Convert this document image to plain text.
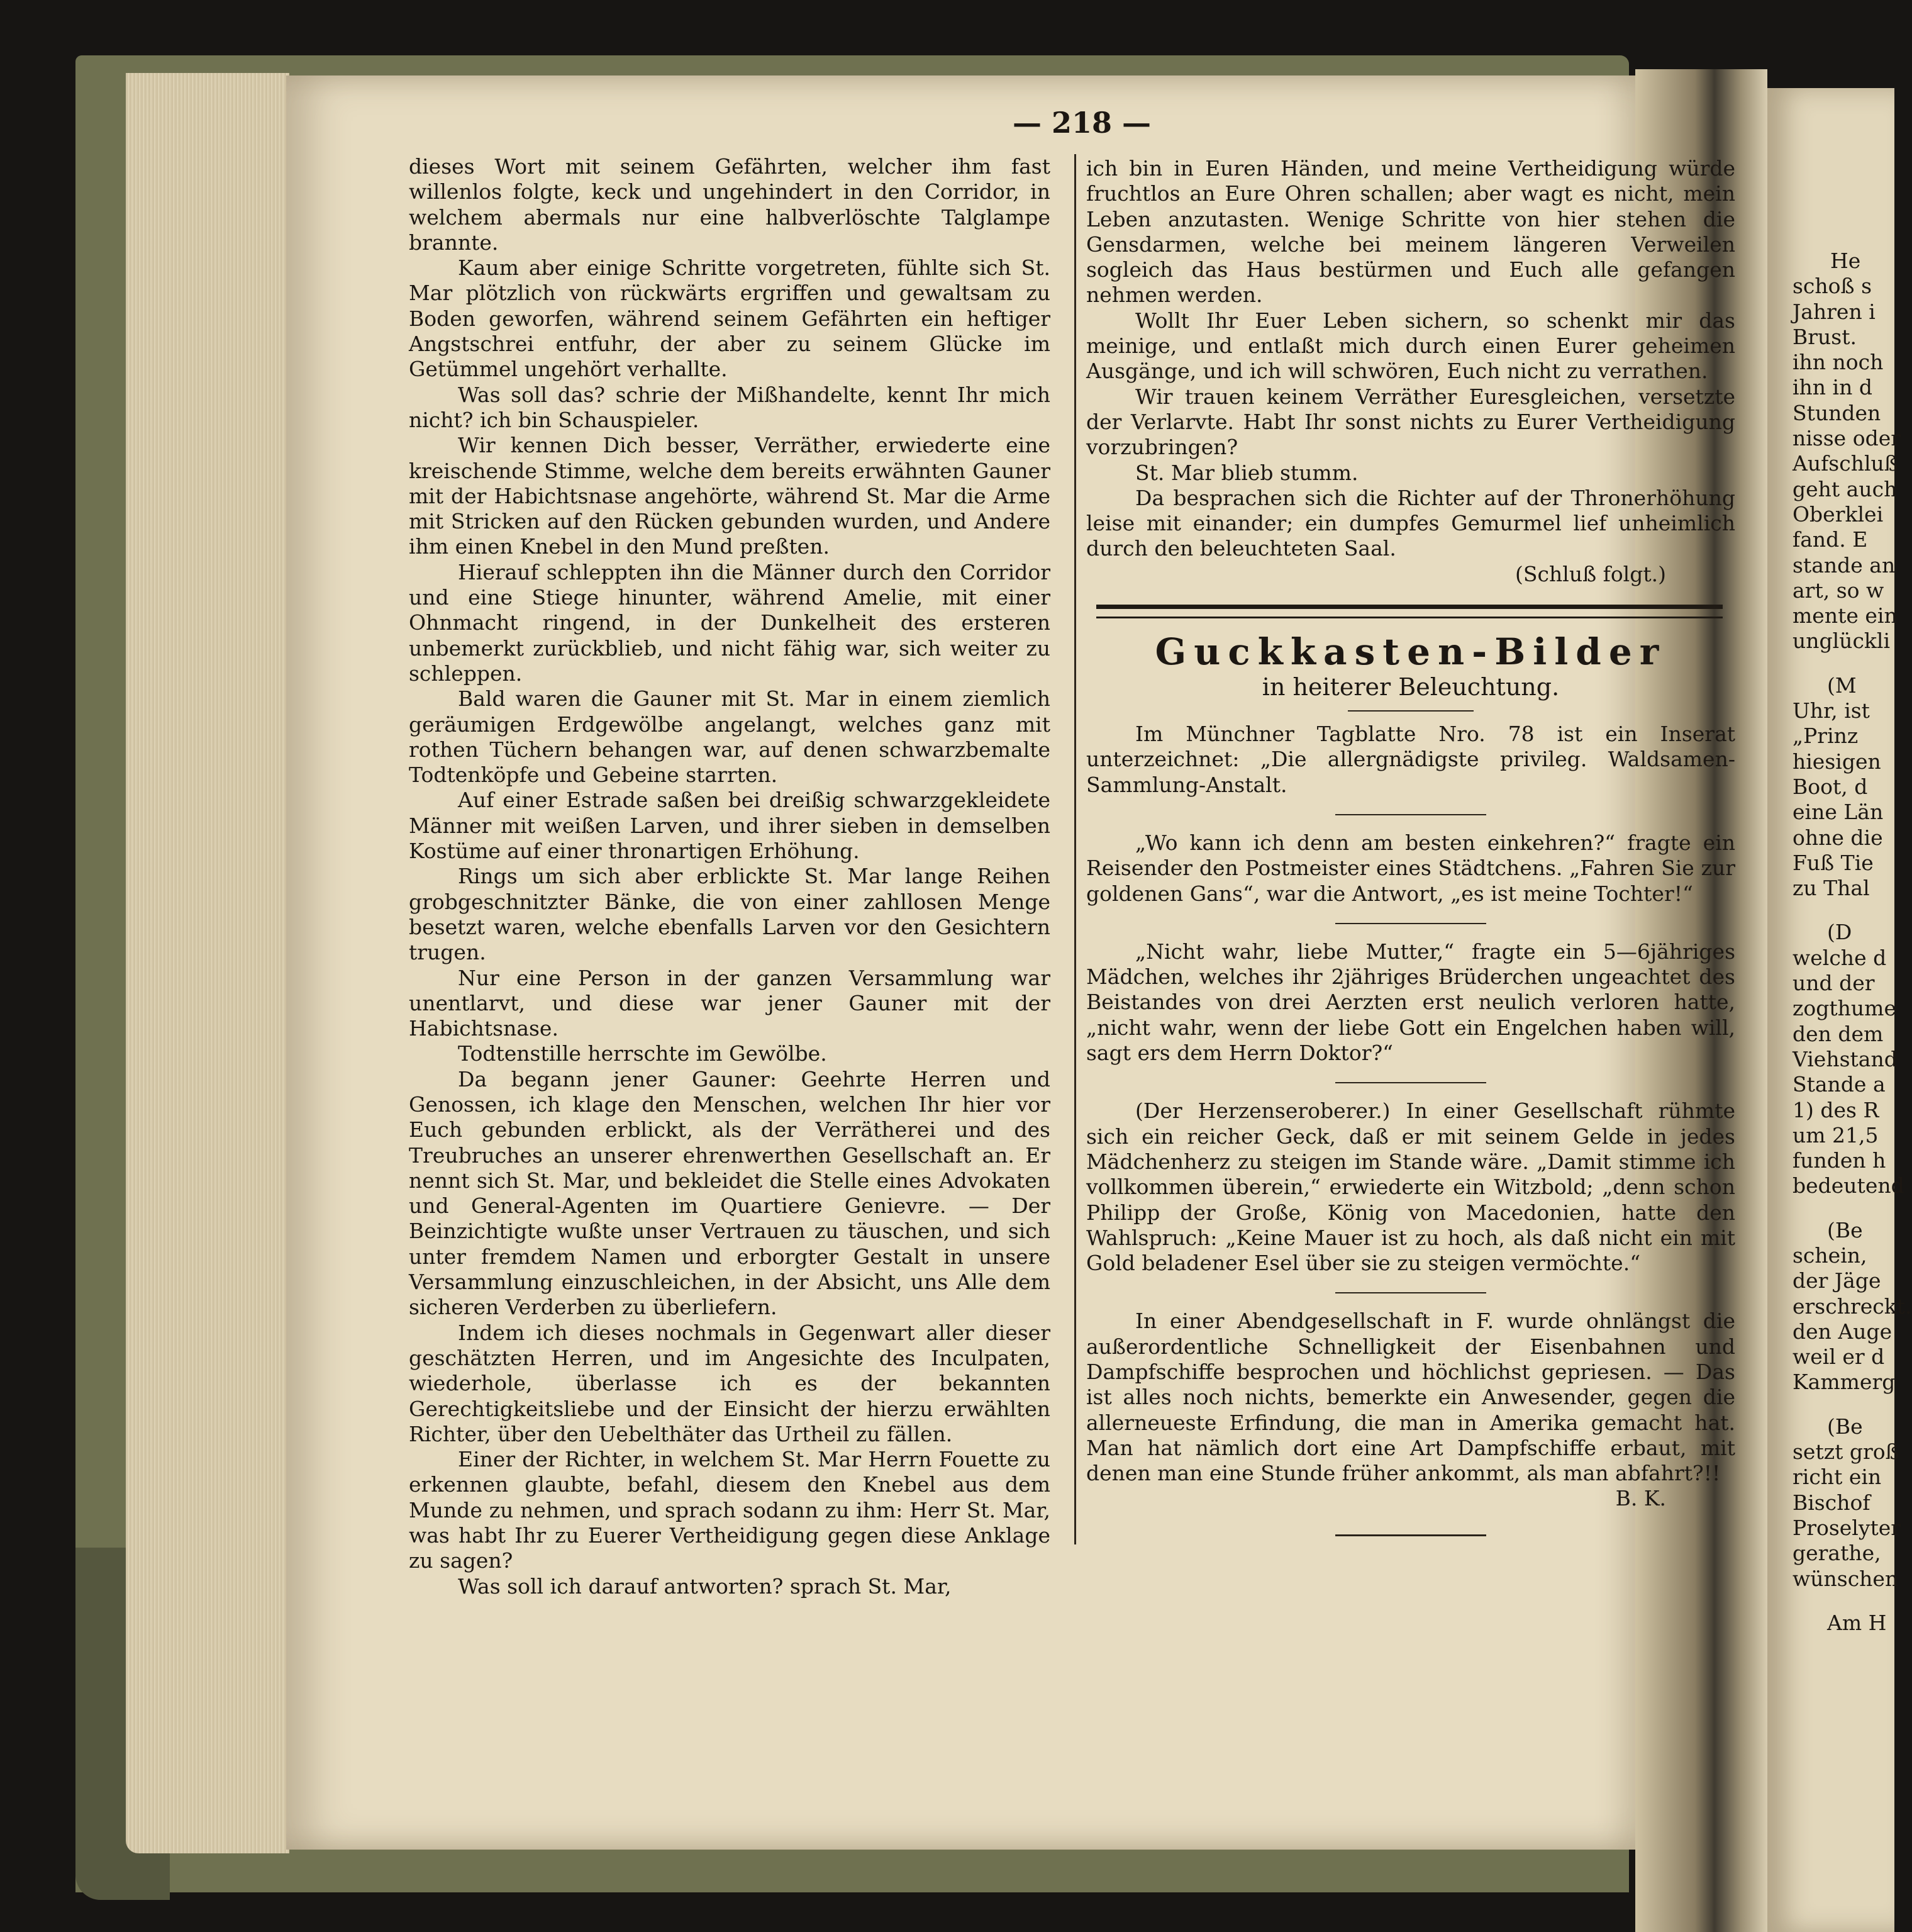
— 218 —

dieses Wort mit seinem Gefährten, welcher ihm fast willenlos folgte, keck und ungehindert in den Corridor, in welchem abermals nur eine halbverlöschte Talglampe brannte.

Kaum aber einige Schritte vorgetreten, fühlte sich St. Mar plötzlich von rückwärts ergriffen und gewaltsam zu Boden geworfen, während seinem Gefährten ein heftiger Angstschrei entfuhr, der aber zu seinem Glücke im Getümmel ungehört verhallte.

Was soll das? schrie der Mißhandelte, kennt Ihr mich nicht? ich bin Schauspieler.

Wir kennen Dich besser, Verräther, erwiederte eine kreischende Stimme, welche dem bereits erwähnten Gauner mit der Habichtsnase angehörte, während St. Mar die Arme mit Stricken auf den Rücken gebunden wurden, und Andere ihm einen Knebel in den Mund preßten.

Hierauf schleppten ihn die Männer durch den Corridor und eine Stiege hinunter, während Amelie, mit einer Ohnmacht ringend, in der Dunkelheit des ersteren unbemerkt zurückblieb, und nicht fähig war, sich weiter zu schleppen.

Bald waren die Gauner mit St. Mar in einem ziemlich geräumigen Erdgewölbe angelangt, welches ganz mit rothen Tüchern behangen war, auf denen schwarzbemalte Todtenköpfe und Gebeine starrten.

Auf einer Estrade saßen bei dreißig schwarzgekleidete Männer mit weißen Larven, und ihrer sieben in demselben Kostüme auf einer thronartigen Erhöhung.

Rings um sich aber erblickte St. Mar lange Reihen grobgeschnitzter Bänke, die von einer zahllosen Menge besetzt waren, welche ebenfalls Larven vor den Gesichtern trugen.

Nur eine Person in der ganzen Versammlung war unentlarvt, und diese war jener Gauner mit der Habichtsnase.

Todtenstille herrschte im Gewölbe.

Da begann jener Gauner: Geehrte Herren und Genossen, ich klage den Menschen, welchen Ihr hier vor Euch gebunden erblickt, als der Verrätherei und des Treubruches an unserer ehrenwerthen Gesellschaft an. Er nennt sich St. Mar, und bekleidet die Stelle eines Advokaten und General-Agenten im Quartiere Genievre. — Der Beinzichtigte wußte unser Vertrauen zu täuschen, und sich unter fremdem Namen und erborgter Gestalt in unsere Versammlung einzuschleichen, in der Absicht, uns Alle dem sicheren Verderben zu überliefern.

Indem ich dieses nochmals in Gegenwart aller dieser geschätzten Herren, und im Angesichte des Inculpaten, wiederhole, überlasse ich es der bekannten Gerechtigkeitsliebe und der Einsicht der hierzu erwählten Richter, über den Uebelthäter das Urtheil zu fällen.

Einer der Richter, in welchem St. Mar Herrn Fouette zu erkennen glaubte, befahl, diesem den Knebel aus dem Munde zu nehmen, und sprach sodann zu ihm: Herr St. Mar, was habt Ihr zu Euerer Vertheidigung gegen diese Anklage zu sagen?

Was soll ich darauf antworten? sprach St. Mar,

ich bin in Euren Händen, und meine Vertheidigung würde fruchtlos an Eure Ohren schallen; aber wagt es nicht, mein Leben anzutasten. Wenige Schritte von hier stehen die Gensdarmen, welche bei meinem längeren Verweilen sogleich das Haus bestürmen und Euch alle gefangen nehmen werden.

Wollt Ihr Euer Leben sichern, so schenkt mir das meinige, und entlaßt mich durch einen Eurer geheimen Ausgänge, und ich will schwören, Euch nicht zu verrathen.

Wir trauen keinem Verräther Euresgleichen, versetzte der Verlarvte. Habt Ihr sonst nichts zu Eurer Vertheidigung vorzubringen?

St. Mar blieb stumm.

Da besprachen sich die Richter auf der Thronerhöhung leise mit einander; ein dumpfes Gemurmel lief unheimlich durch den beleuchteten Saal.

(Schluß folgt.)

Guckkasten-Bilder
in heiterer Beleuchtung.

Im Münchner Tagblatte Nro. 78 ist ein Inserat unterzeichnet: „Die allergnädigste privileg. Waldsamen-Sammlung-Anstalt.

„Wo kann ich denn am besten einkehren?“ fragte ein Reisender den Postmeister eines Städtchens. „Fahren Sie zur goldenen Gans“, war die Antwort, „es ist meine Tochter!“

„Nicht wahr, liebe Mutter,“ fragte ein 5—6jähriges Mädchen, welches ihr 2jähriges Brüderchen ungeachtet des Beistandes von drei Aerzten erst neulich verloren hatte, „nicht wahr, wenn der liebe Gott ein Engelchen haben will, sagt ers dem Herrn Doktor?“

(Der Herzenseroberer.) In einer Gesellschaft rühmte sich ein reicher Geck, daß er mit seinem Gelde in jedes Mädchenherz zu steigen im Stande wäre. „Damit stimme ich vollkommen überein,“ erwiederte ein Witzbold; „denn schon Philipp der Große, König von Macedonien, hatte den Wahlspruch: „Keine Mauer ist zu hoch, als daß nicht ein mit Gold beladener Esel über sie zu steigen vermöchte.“

In einer Abendgesellschaft in F. wurde ohnlängst die außerordentliche Schnelligkeit der Eisenbahnen und Dampfschiffe besprochen und höchlichst gepriesen. — Das ist alles noch nichts, bemerkte ein Anwesender, gegen die allerneueste Erfindung, die man in Amerika gemacht hat. Man hat nämlich dort eine Art Dampfschiffe erbaut, mit denen man eine Stunde früher ankommt, als man abfahrt?!!

B. K.

He
schoß s
Jahren i
Brust.
ihn noch
ihn in d
Stunden
nisse oder
Aufschluß
geht auch
Oberklei
fand. E
stande an
art, so w
mente ein
unglückli
(M
Uhr, ist
„Prinz
hiesigen
Boot, d
eine Län
ohne die
Fuß Tie
zu Thal
(D
welche d
und der
zogthume
den dem
Viehstand
Stande a
1) des R
um 21,5
funden h
bedeutend
(Be
schein,
der Jäge
erschreckt.
den Auge
weil er d
Kammerg
(Be
setzt groß
richt ein
Bischof
Proselyter
gerathe,
wünschen
Am H
